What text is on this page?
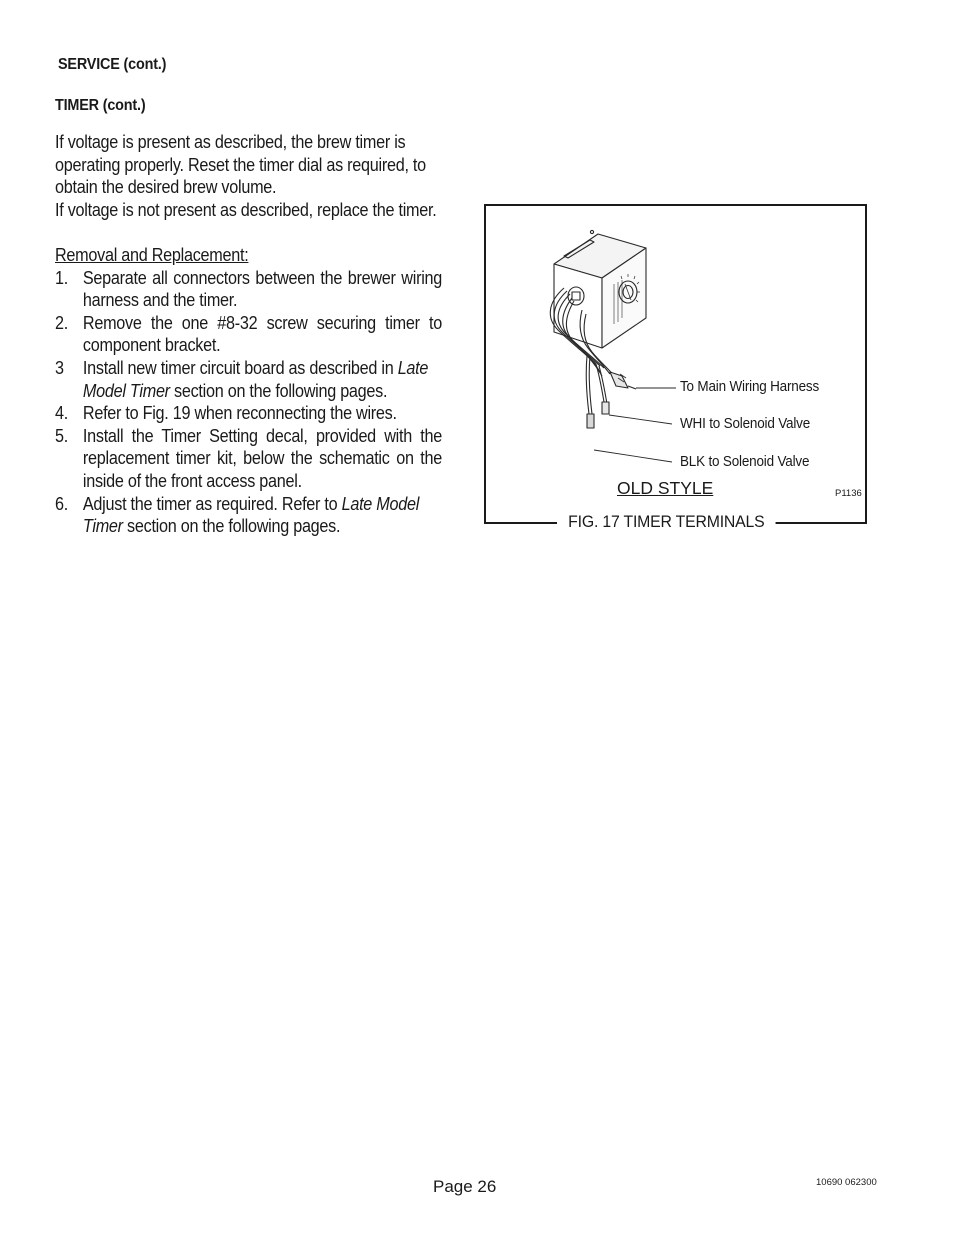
SERVICE (cont.)
TIMER (cont.)

If voltage is present as described, the brew timer is operating properly. Reset the timer dial as required, to obtain the desired brew volume.

If voltage is not present as described, replace the timer.

Removal and Replacement:

1. Separate all connectors between the brewer wiring harness and the timer.
2. Remove the one #8-32 screw securing timer to component bracket.
3 Install new timer circuit board as described in Late Model Timer section on the following pages.
4. Refer to Fig. 19 when reconnecting the wires.
5. Install the Timer Setting decal, provided with the replacement timer kit, below the schematic on the inside of the front access panel.
6. Adjust the timer as required. Refer to Late Model Timer section on the following pages.
To Main Wiring Harness
WHI to Solenoid Valve
BLK to Solenoid Valve
OLD STYLE	P1136
FIG. 17 TIMER TERMINALS
Page 26	10690 062300
